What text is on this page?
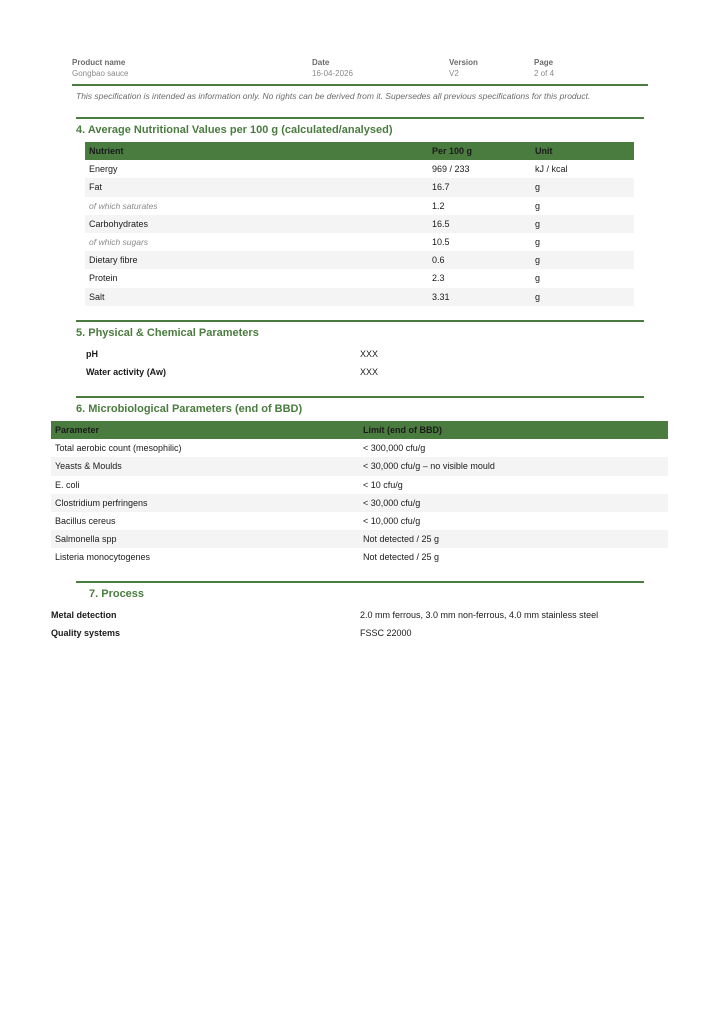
Product name
Gongbao sauce
Date
16-04-2026
Version
V2
Page
2 of 4
This specification is intended as information only. No rights can be derived from it. Supersedes all previous specifications for this product.
4. Average Nutritional Values per 100 g (calculated/analysed)
Nutrient	Per 100 g	Unit
Energy	969 / 233	kJ / kcal
Fat	16.7	g
of which saturates	1.2	g
Carbohydrates	16.5	g
of which sugars	10.5	g
Dietary fibre	0.6	g
Protein	2.3	g
Salt	3.31	g
5. Physical & Chemical Parameters
pH	XXX
Water activity (Aw)	XXX
6. Microbiological Parameters (end of BBD)
Parameter	Limit (end of BBD)
Total aerobic count (mesophilic)	< 300,000 cfu/g
Yeasts & Moulds	< 30,000 cfu/g – no visible mould
E. coli	< 10 cfu/g
Clostridium perfringens	< 30,000 cfu/g
Bacillus cereus	< 10,000 cfu/g
Salmonella spp	Not detected / 25 g
Listeria monocytogenes	Not detected / 25 g
7. Process
Metal detection	2.0 mm ferrous, 3.0 mm non-ferrous, 4.0 mm stainless steel
Quality systems	FSSC 22000
